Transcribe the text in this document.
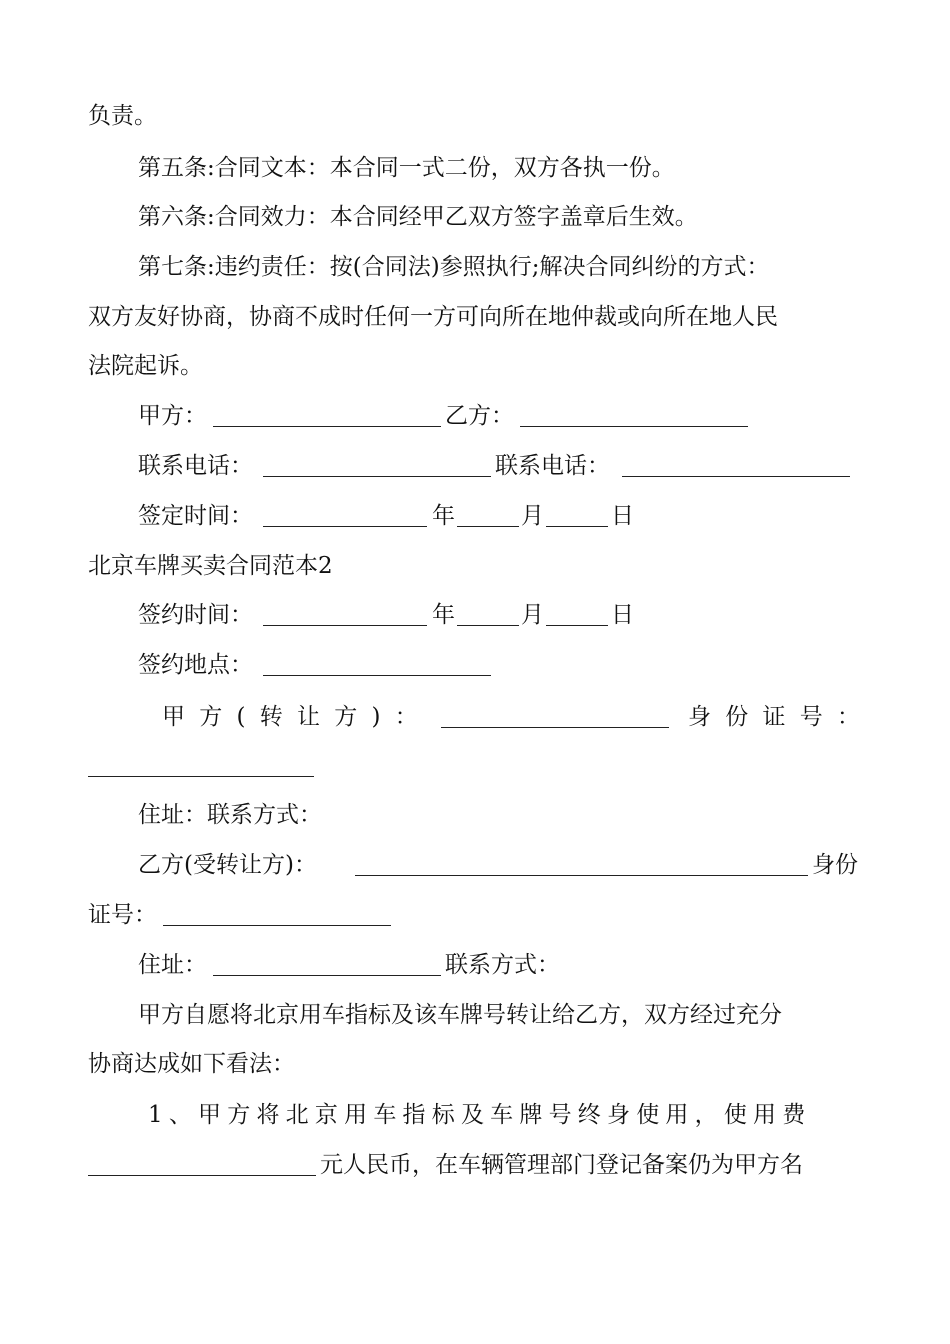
负责。
第五条:合同文本：本合同一式二份，双方各执一份。
第六条:合同效力：本合同经甲乙双方签字盖章后生效。
第七条:违约责任：按(合同法)参照执行;解决合同纠纷的方式：
双方友好协商，协商不成时任何一方可向所在地仲裁或向所在地人民
法院起诉。
甲方：	乙方：
联系电话：	联系电话：
签定时间：	年	月	日
北京车牌买卖合同范本2
签约时间：	年	月	日
签约地点：
甲方(转让方)：	身份证号：
住址：联系方式：
乙方(受转让方)：	身份
证号：
住址：	联系方式：
甲方自愿将北京用车指标及该车牌号转让给乙方，双方经过充分
协商达成如下看法：
1、甲方将北京用车指标及车牌号终身使用，使用费
元人民币，在车辆管理部门登记备案仍为甲方名
